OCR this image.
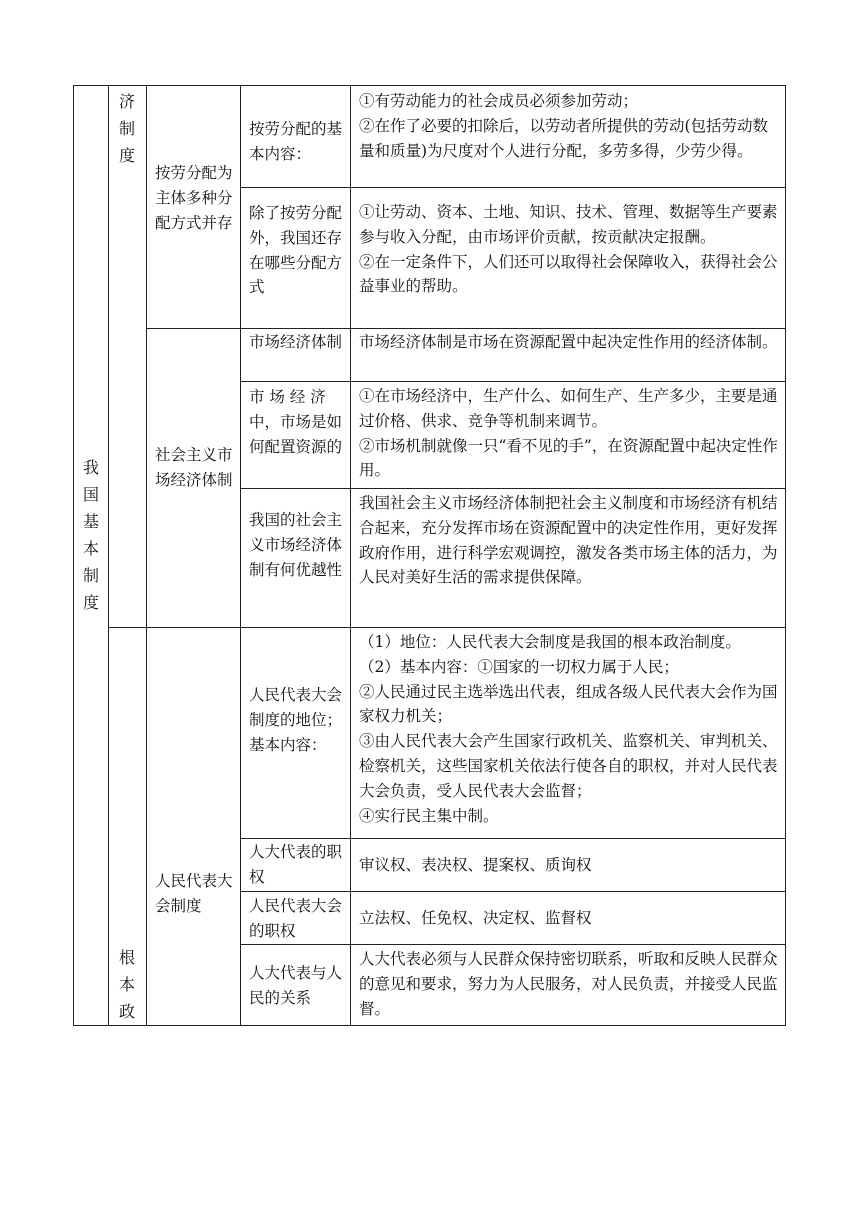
我
国
基
本
制
度
济
制
度
根
本
政
按劳分配为主体多种分配方式并存
社会主义市场经济体制
人民代表大会制度
按劳分配的基本内容：
除了按劳分配外，我国还存在哪些分配方式
市场经济体制
市 场 经 济中，市场是如何配置资源的
我国的社会主义市场经济体制有何优越性
人民代表大会制度的地位；基本内容：
人大代表的职权
人民代表大会的职权
人大代表与人民的关系
①有劳动能力的社会成员必须参加劳动；
②在作了必要的扣除后，以劳动者所提供的劳动(包括劳动数量和质量)为尺度对个人进行分配，多劳多得，少劳少得。
①让劳动、资本、土地、知识、技术、管理、数据等生产要素参与收入分配，由市场评价贡献，按贡献决定报酬。
②在一定条件下，人们还可以取得社会保障收入，获得社会公益事业的帮助。
市场经济体制是市场在资源配置中起决定性作用的经济体制。
①在市场经济中，生产什么、如何生产、生产多少，主要是通过价格、供求、竞争等机制来调节。
②市场机制就像一只“看不见的手”，在资源配置中起决定性作用。
我国社会主义市场经济体制把社会主义制度和市场经济有机结合起来，充分发挥市场在资源配置中的决定性作用，更好发挥政府作用，进行科学宏观调控，激发各类市场主体的活力，为人民对美好生活的需求提供保障。
（1）地位：人民代表大会制度是我国的根本政治制度。
（2）基本内容：①国家的一切权力属于人民；
②人民通过民主选举选出代表，组成各级人民代表大会作为国家权力机关；
③由人民代表大会产生国家行政机关、监察机关、审判机关、检察机关，这些国家机关依法行使各自的职权，并对人民代表大会负责，受人民代表大会监督；
④实行民主集中制。
审议权、表决权、提案权、质询权
立法权、任免权、决定权、监督权
人大代表必须与人民群众保持密切联系，听取和反映人民群众的意见和要求，努力为人民服务，对人民负责，并接受人民监督。
